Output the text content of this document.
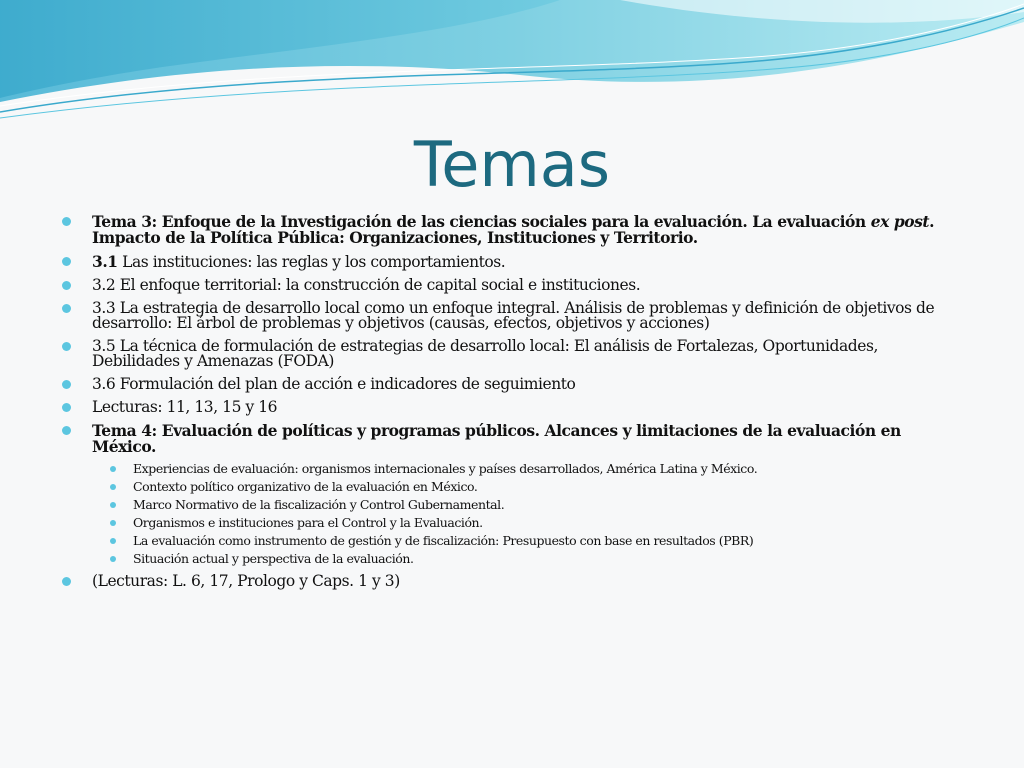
Temas
Tema 3: Enfoque de la Investigación de las ciencias sociales para la evaluación. La evaluación ex post. Impacto de la Política Pública: Organizaciones, Instituciones y Territorio.
3.1 Las instituciones: las reglas y los comportamientos.
3.2 El enfoque territorial: la construcción de capital social e instituciones.
3.3 La estrategia de desarrollo local como un enfoque integral. Análisis de problemas y definición de objetivos de desarrollo: El árbol de problemas y objetivos (causas, efectos, objetivos y acciones)
3.5 La técnica de formulación de estrategias de desarrollo local: El análisis de Fortalezas, Oportunidades, Debilidades y Amenazas (FODA)
3.6 Formulación del plan de acción e indicadores de seguimiento
Lecturas: 11, 13, 15 y 16
Tema 4: Evaluación de políticas y programas públicos. Alcances y limitaciones de la evaluación en México.
Experiencias de evaluación: organismos internacionales y países desarrollados, América Latina y México.
Contexto político organizativo de la evaluación en México.
Marco Normativo de la fiscalización y Control Gubernamental.
Organismos e instituciones para el Control y la Evaluación.
La evaluación como instrumento de gestión y de fiscalización: Presupuesto con base en resultados (PBR)
Situación actual y perspectiva de la evaluación.
(Lecturas: L. 6, 17, Prologo y Caps. 1 y 3)
